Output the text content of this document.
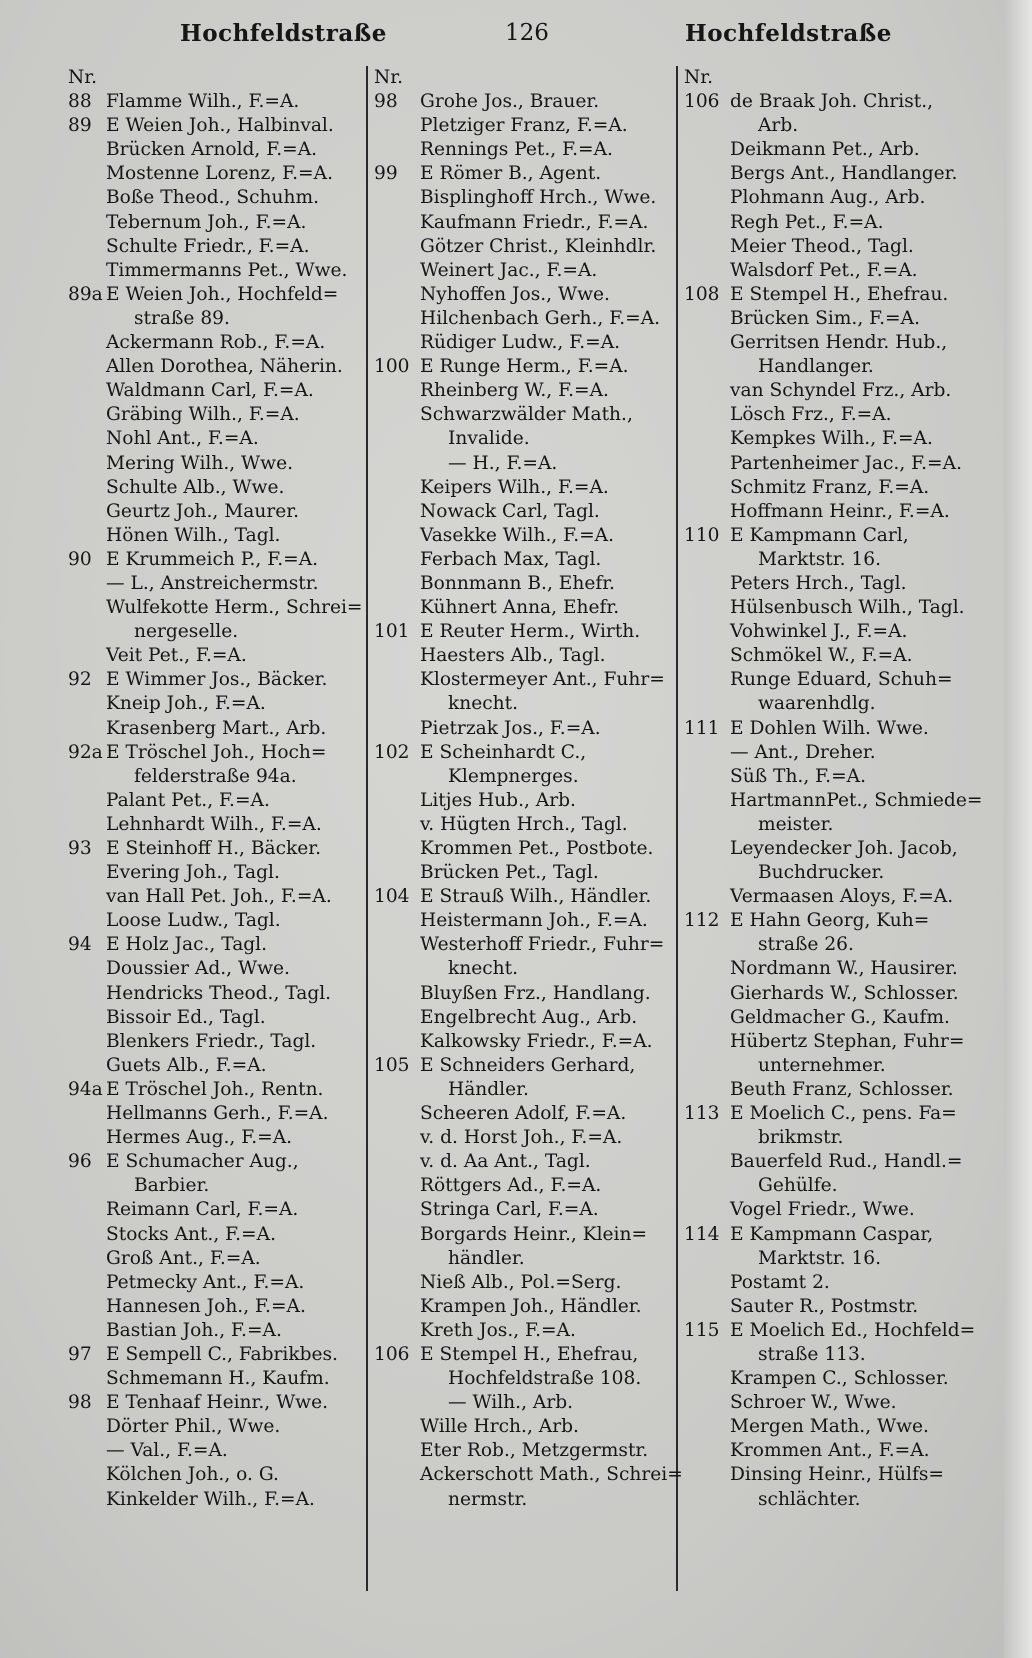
Hochfeldstraße	126	Hochfeldstraße
Nr.
88 Flamme Wilh., F.=A.
89 E Weien Joh., Halbinval.
Brücken Arnold, F.=A.
Mostenne Lorenz, F.=A.
Boße Theod., Schuhm.
Tebernum Joh., F.=A.
Schulte Friedr., F.=A.
Timmermanns Pet., Wwe.
89a E Weien Joh., Hochfeld=
straße 89.
Ackermann Rob., F.=A.
Allen Dorothea, Näherin.
Waldmann Carl, F.=A.
Gräbing Wilh., F.=A.
Nohl Ant., F.=A.
Mering Wilh., Wwe.
Schulte Alb., Wwe.
Geurtz Joh., Maurer.
Hönen Wilh., Tagl.
90 E Krummeich P., F.=A.
— L., Anstreichermstr.
Wulfekotte Herm., Schrei=
nergeselle.
Veit Pet., F.=A.
92 E Wimmer Jos., Bäcker.
Kneip Joh., F.=A.
Krasenberg Mart., Arb.
92a E Tröschel Joh., Hoch=
felderstraße 94a.
Palant Pet., F.=A.
Lehnhardt Wilh., F.=A.
93 E Steinhoff H., Bäcker.
Evering Joh., Tagl.
van Hall Pet. Joh., F.=A.
Loose Ludw., Tagl.
94 E Holz Jac., Tagl.
Doussier Ad., Wwe.
Hendricks Theod., Tagl.
Bissoir Ed., Tagl.
Blenkers Friedr., Tagl.
Guets Alb., F.=A.
94a E Tröschel Joh., Rentn.
Hellmanns Gerh., F.=A.
Hermes Aug., F.=A.
96 E Schumacher Aug.,
Barbier.
Reimann Carl, F.=A.
Stocks Ant., F.=A.
Groß Ant., F.=A.
Petmecky Ant., F.=A.
Hannesen Joh., F.=A.
Bastian Joh., F.=A.
97 E Sempell C., Fabrikbes.
Schmemann H., Kaufm.
98 E Tenhaaf Heinr., Wwe.
Dörter Phil., Wwe.
— Val., F.=A.
Kölchen Joh., o. G.
Kinkelder Wilh., F.=A.
Nr.
98	Grohe Jos., Brauer.
Pletziger Franz, F.=A.
Rennings Pet., F.=A.
99	E Römer B., Agent.
Bisplinghoff Hrch., Wwe.
Kaufmann Friedr., F.=A.
Götzer Christ., Kleinhdlr.
Weinert Jac., F.=A.
Nyhoffen Jos., Wwe.
Hilchenbach Gerh., F.=A.
Rüdiger Ludw., F.=A.
100 E Runge Herm., F.=A.
Rheinberg W., F.=A.
Schwarzwälder Math.,
Invalide.
— H., F.=A.
Keipers Wilh., F.=A.
Nowack Carl, Tagl.
Vasekke Wilh., F.=A.
Ferbach Max, Tagl.
Bonnmann B., Ehefr.
Kühnert Anna, Ehefr.
101 E Reuter Herm., Wirth.
Haesters Alb., Tagl.
Klostermeyer Ant., Fuhr=
knecht.
Pietrzak Jos., F.=A.
102 E Scheinhardt C.,
Klempnerges.
Litjes Hub., Arb.
v. Hügten Hrch., Tagl.
Krommen Pet., Postbote.
Brücken Pet., Tagl.
104 E Strauß Wilh., Händler.
Heistermann Joh., F.=A.
Westerhoff Friedr., Fuhr=
knecht.
Bluyßen Frz., Handlang.
Engelbrecht Aug., Arb.
Kalkowsky Friedr., F.=A.
105 E Schneiders Gerhard,
Händler.
Scheeren Adolf, F.=A.
v. d. Horst Joh., F.=A.
v. d. Aa Ant., Tagl.
Röttgers Ad., F.=A.
Stringa Carl, F.=A.
Borgards Heinr., Klein=
händler.
Nieß Alb., Pol.=Serg.
Krampen Joh., Händler.
Kreth Jos., F.=A.
106 E Stempel H., Ehefrau,
Hochfeldstraße 108.
— Wilh., Arb.
Wille Hrch., Arb.
Eter Rob., Metzgermstr.
Ackerschott Math., Schrei=
nermstr.
Nr.
106 de Braak Joh. Christ.,
Arb.
Deikmann Pet., Arb.
Bergs Ant., Handlanger.
Plohmann Aug., Arb.
Regh Pet., F.=A.
Meier Theod., Tagl.
Walsdorf Pet., F.=A.
108 E Stempel H., Ehefrau.
Brücken Sim., F.=A.
Gerritsen Hendr. Hub.,
Handlanger.
van Schyndel Frz., Arb.
Lösch Frz., F.=A.
Kempkes Wilh., F.=A.
Partenheimer Jac., F.=A.
Schmitz Franz, F.=A.
Hoffmann Heinr., F.=A.
110 E Kampmann Carl,
Marktstr. 16.
Peters Hrch., Tagl.
Hülsenbusch Wilh., Tagl.
Vohwinkel J., F.=A.
Schmökel W., F.=A.
Runge Eduard, Schuh=
waarenhdlg.
111 E Dohlen Wilh. Wwe.
— Ant., Dreher.
Süß Th., F.=A.
HartmannPet., Schmiede=
meister.
Leyendecker Joh. Jacob,
Buchdrucker.
Vermaasen Aloys, F.=A.
112 E Hahn Georg, Kuh=
straße 26.
Nordmann W., Hausirer.
Gierhards W., Schlosser.
Geldmacher G., Kaufm.
Hübertz Stephan, Fuhr=
unternehmer.
Beuth Franz, Schlosser.
113 E Moelich C., pens. Fa=
brikmstr.
Bauerfeld Rud., Handl.=
Gehülfe.
Vogel Friedr., Wwe.
114 E Kampmann Caspar,
Marktstr. 16.
Postamt 2.
Sauter R., Postmstr.
115 E Moelich Ed., Hochfeld=
straße 113.
Krampen C., Schlosser.
Schroer W., Wwe.
Mergen Math., Wwe.
Krommen Ant., F.=A.
Dinsing Heinr., Hülfs=
schlächter.
